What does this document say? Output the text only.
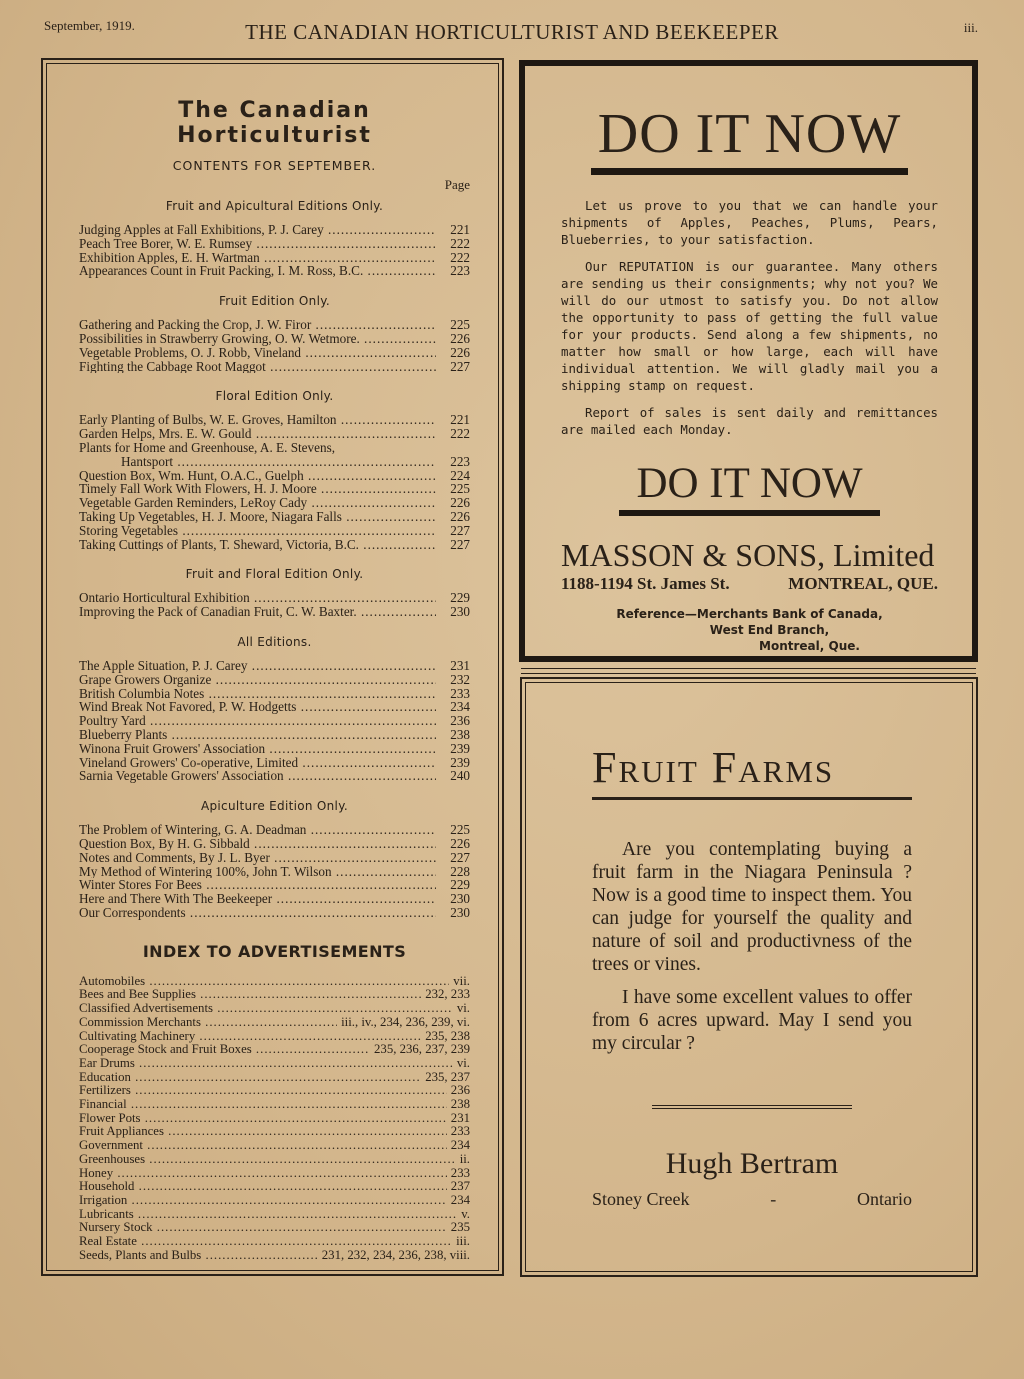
September, 1919.	THE CANADIAN HORTICULTURIST AND BEEKEEPER	iii.
The Canadian Horticulturist
CONTENTS FOR SEPTEMBER.
Page
Fruit and Apicultural Editions Only.
Judging Apples at Fall Exhibitions, P. J. Carey .....	221
Peach Tree Borer, W. E. Rumsey .....	222
Exhibition Apples, E. H. Wartman .....	222
Appearances Count in Fruit Packing, I. M. Ross, B.C. .....	223
Fruit Edition Only.
Gathering and Packing the Crop, J. W. Firor .....	225
Possibilities in Strawberry Growing, O. W. Wetmore. .....	226
Vegetable Problems, O. J. Robb, Vineland .....	226
Fighting the Cabbage Root Maggot .....	227
Floral Edition Only.
Early Planting of Bulbs, W. E. Groves, Hamilton .....	221
Garden Helps, Mrs. E. W. Gould .....	222
Plants for Home and Greenhouse, A. E. Stevens,
Hantsport .....	223
Question Box, Wm. Hunt, O.A.C., Guelph .....	224
Timely Fall Work With Flowers, H. J. Moore .....	225
Vegetable Garden Reminders, LeRoy Cady .....	226
Taking Up Vegetables, H. J. Moore, Niagara Falls .....	226
Storing Vegetables .....	227
Taking Cuttings of Plants, T. Sheward, Victoria, B.C. .....	227
Fruit and Floral Edition Only.
Ontario Horticultural Exhibition .....	229
Improving the Pack of Canadian Fruit, C. W. Baxter. .....	230
All Editions.
The Apple Situation, P. J. Carey .....	231
Grape Growers Organize .....	232
British Columbia Notes .....	233
Wind Break Not Favored, P. W. Hodgetts .....	234
Poultry Yard .....	236
Blueberry Plants .....	238
Winona Fruit Growers' Association .....	239
Vineland Growers' Co-operative, Limited .....	239
Sarnia Vegetable Growers' Association .....	240
Apiculture Edition Only.
The Problem of Wintering, G. A. Deadman .....	225
Question Box, By H. G. Sibbald .....	226
Notes and Comments, By J. L. Byer .....	227
My Method of Wintering 100%, John T. Wilson .....	228
Winter Stores For Bees .....	229
Here and There With The Beekeeper .....	230
Our Correspondents .....	230
INDEX TO ADVERTISEMENTS
Automobiles .....	vii.
Bees and Bee Supplies .....	232, 233
Classified Advertisements .....	vi.
Commission Merchants .....	iii., iv., 234, 236, 239, vi.
Cultivating Machinery .....	235, 238
Cooperage Stock and Fruit Boxes .....	235, 236, 237, 239
Ear Drums .....	vi.
Education .....	235, 237
Fertilizers .....	236
Financial .....	238
Flower Pots .....	231
Fruit Appliances .....	233
Government .....	234
Greenhouses .....	ii.
Honey .....	233
Household .....	237
Irrigation .....	234
Lubricants .....	v.
Nursery Stock .....	235
Real Estate .....	iii.
Seeds, Plants and Bulbs .....	231, 232, 234, 236, 238, viii.
DO IT NOW

Let us prove to you that we can handle your shipments of Apples, Peaches, Plums, Pears, Blueberries, to your satisfaction.

Our REPUTATION is our guarantee. Many others are sending us their consignments; why not you? We will do our utmost to satisfy you. Do not allow the opportunity to pass of getting the full value for your products. Send along a few shipments, no matter how small or how large, each will have individual attention. We will gladly mail you a shipping stamp on request.

Report of sales is sent daily and remittances are mailed each Monday.

DO IT NOW
MASSON & SONS, Limited
1188-1194 St. James St.	MONTREAL, QUE.
Reference—Merchants Bank of Canada,
West End Branch,
Montreal, Que.
Fruit Farms

Are you contemplating buying a fruit farm in the Niagara Peninsula ? Now is a good time to inspect them. You can judge for yourself the quality and nature of soil and productivness of the trees or vines.

I have some excellent values to offer from 6 acres upward. May I send you my circular ?

Hugh Bertram
Stoney Creek	-	Ontario
